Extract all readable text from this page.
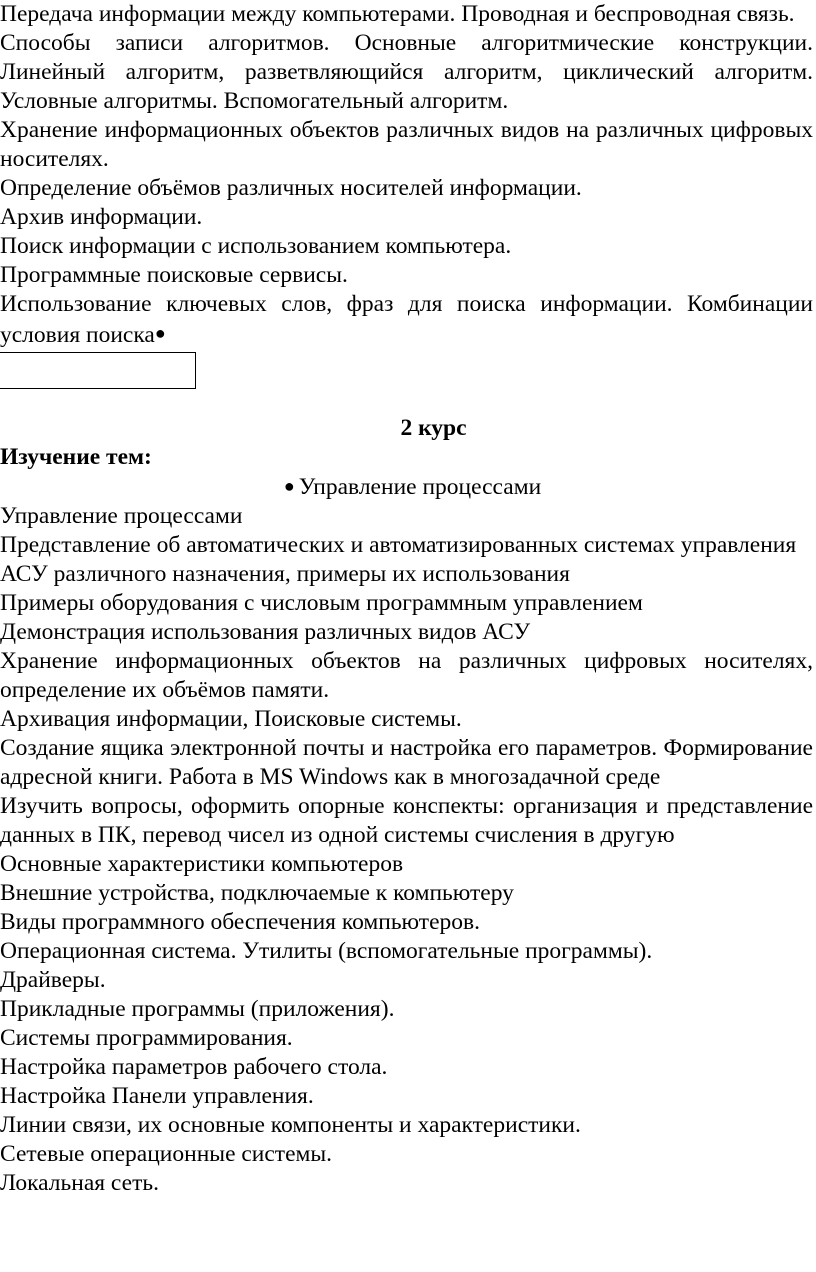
Передача информации между компьютерами. Проводная и беспроводная связь.

Способы записи алгоритмов. Основные алгоритмические конструкции. Линейный алгоритм, разветвляющийся алгоритм, циклический алгоритм. Условные алгоритмы. Вспомогательный алгоритм.

Хранение информационных объектов различных видов на различных цифровых носителях.

Определение объёмов различных носителей информации.

Архив информации.

Поиск информации с использованием компьютера.

Программные поисковые сервисы.

Использование ключевых слов, фраз для поиска информации. Комбинации условия поиска●

2 курс

Изучение тем:

● Управление процессами

Управление процессами

Представление об автоматических и автоматизированных системах управления

АСУ различного назначения, примеры их использования

Примеры оборудования с числовым программным управлением

Демонстрация использования различных видов АСУ

Хранение информационных объектов на различных цифровых носителях, определение их объёмов памяти.

Архивация информации, Поисковые системы.

Создание ящика электронной почты и настройка его параметров. Формирование адресной книги. Работа в MS Windows как в многозадачной среде

Изучить вопросы, оформить опорные конспекты: организация и представление данных в ПК, перевод чисел из одной системы счисления в другую

Основные характеристики компьютеров

Внешние устройства, подключаемые к компьютеру

Виды программного обеспечения компьютеров.

Операционная система. Утилиты (вспомогательные программы).

Драйверы.

Прикладные программы (приложения).

Системы программирования.

Настройка параметров рабочего стола.

Настройка Панели управления.

Линии связи, их основные компоненты и характеристики.

Сетевые операционные системы.

Локальная сеть.
